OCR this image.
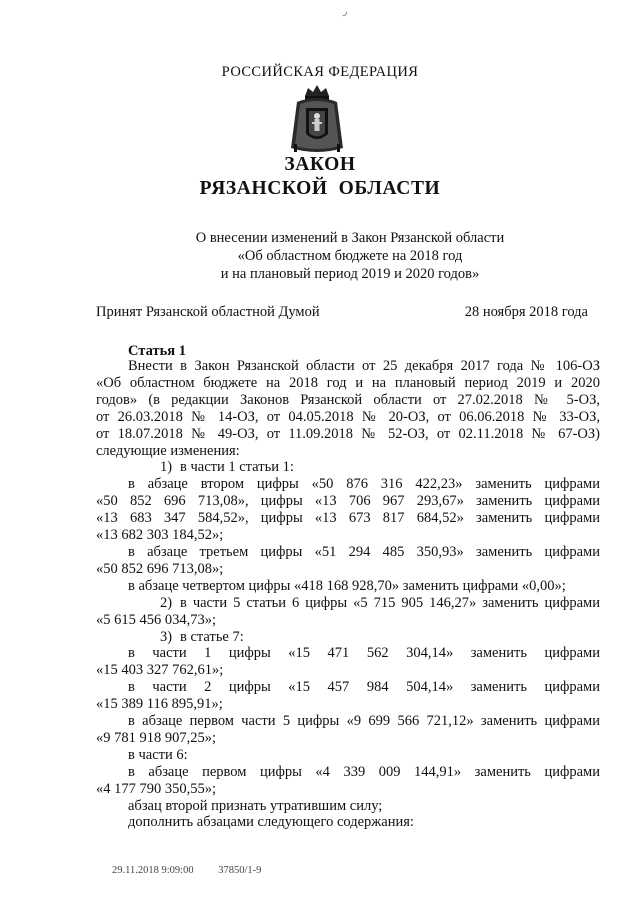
ر
РОССИЙСКАЯ ФЕДЕРАЦИЯ
ЗАКОН
РЯЗАНСКОЙ  ОБЛАСТИ
О внесении изменений в Закон Рязанской области
«Об областном бюджете на 2018 год
и на плановый период 2019 и 2020 годов»
Принят Рязанской областной Думой	28 ноября 2018 года
Статья 1

Внести в Закон Рязанской области от 25 декабря 2017 года № 106-ОЗ

«Об областном бюджете на 2018 год и на плановый период 2019 и 2020

годов» (в редакции Законов Рязанской области от 27.02.2018 № 5-ОЗ,

от 26.03.2018 № 14-ОЗ, от 04.05.2018 № 20-ОЗ, от 06.06.2018 № 33-ОЗ,

от 18.07.2018 № 49-ОЗ, от 11.09.2018 № 52-ОЗ, от 02.11.2018 № 67-ОЗ)

следующие изменения:

1) в части 1 статьи 1:

в абзаце втором цифры «50 876 316 422,23» заменить цифрами

«50 852 696 713,08», цифры «13 706 967 293,67» заменить цифрами

«13 683 347 584,52», цифры «13 673 817 684,52» заменить цифрами

«13 682 303 184,52»;

в абзаце третьем цифры «51 294 485 350,93» заменить цифрами

«50 852 696 713,08»;

в абзаце четвертом цифры «418 168 928,70» заменить цифрами «0,00»;

2) в части 5 статьи 6 цифры «5 715 905 146,27» заменить цифрами

«5 615 456 034,73»;

3) в статье 7:

в части 1 цифры «15 471 562 304,14» заменить цифрами

«15 403 327 762,61»;

в части 2 цифры «15 457 984 504,14» заменить цифрами

«15 389 116 895,91»;

в абзаце первом части 5 цифры «9 699 566 721,12» заменить цифрами

«9 781 918 907,25»;

в части 6:

в абзаце первом цифры «4 339 009 144,91» заменить цифрами

«4 177 790 350,55»;

абзац второй признать утратившим силу;

дополнить абзацами следующего содержания:

29.11.2018 9:09:00 37850/1-9
